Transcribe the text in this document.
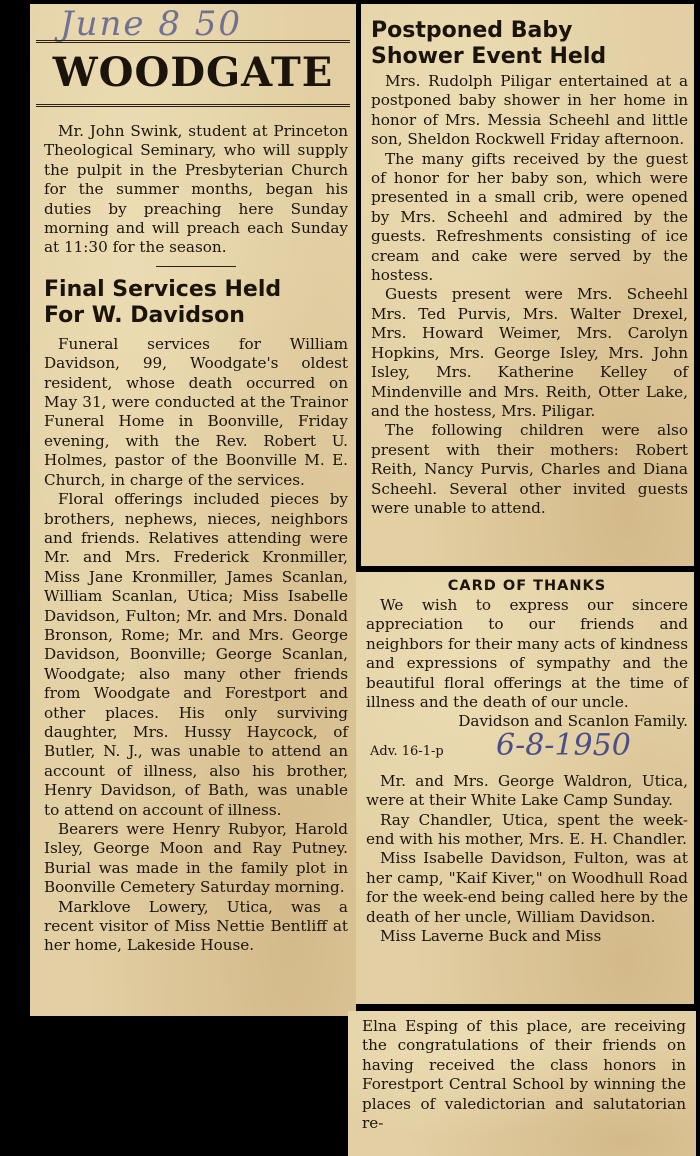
June 8 50
WOODGATE

Mr. John Swink, student at Princeton Theological Seminary, who will supply the pulpit in the Presbyterian Church for the summer months, began his duties by preaching here Sunday morning and will preach each Sunday at 11:30 for the season.

Final Services Held

For W. Davidson

Funeral services for William Davidson, 99, Woodgate's oldest resident, whose death occurred on May 31, were conducted at the Trainor Funeral Home in Boonville, Friday evening, with the Rev. Robert U. Holmes, pastor of the Boonville M. E. Church, in charge of the services.

Floral offerings included pieces by brothers, nephews, nieces, neighbors and friends. Relatives attending were Mr. and Mrs. Frederick Kronmiller, Miss Jane Kronmiller, James Scanlan, William Scanlan, Utica; Miss Isabelle Davidson, Fulton; Mr. and Mrs. Donald Bronson, Rome; Mr. and Mrs. George Davidson, Boonville; George Scanlan, Woodgate; also many other friends from Woodgate and Forestport and other places. His only surviving daughter, Mrs. Hussy Haycock, of Butler, N. J., was unable to attend an account of illness, also his brother, Henry Davidson, of Bath, was unable to attend on account of illness.

Bearers were Henry Rubyor, Harold Isley, George Moon and Ray Putney. Burial was made in the family plot in Boonville Cemetery Saturday morning.

Marklove Lowery, Utica, was a recent visitor of Miss Nettie Bentliff at her home, Lakeside House.

Postponed Baby

Shower Event Held

Mrs. Rudolph Piligar entertained at a postponed baby shower in her home in honor of Mrs. Messia Scheehl and little son, Sheldon Rockwell Friday afternoon.

The many gifts received by the guest of honor for her baby son, which were presented in a small crib, were opened by Mrs. Scheehl and admired by the guests. Refreshments consisting of ice cream and cake were served by the hostess.

Guests present were Mrs. Scheehl Mrs. Ted Purvis, Mrs. Walter Drexel, Mrs. Howard Weimer, Mrs. Carolyn Hopkins, Mrs. George Isley, Mrs. John Isley, Mrs. Katherine Kelley of Mindenville and Mrs. Reith, Otter Lake, and the hostess, Mrs. Piligar.

The following children were also present with their mothers: Robert Reith, Nancy Purvis, Charles and Diana Scheehl. Several other invited guests were unable to attend.

CARD OF THANKS

We wish to express our sincere appreciation to our friends and neighbors for their many acts of kindness and expressions of sympathy and the beautiful floral offerings at the time of illness and the death of our uncle.

Davidson and Scanlon Family.

Adv. 16-1-p 6-8-1950

Mr. and Mrs. George Waldron, Utica, were at their White Lake Camp Sunday.

Ray Chandler, Utica, spent the week-end with his mother, Mrs. E. H. Chandler.

Miss Isabelle Davidson, Fulton, was at her camp, "Kaif Kiver," on Woodhull Road for the week-end being called here by the death of her uncle, William Davidson.

Miss Laverne Buck and Miss

Elna Esping of this place, are receiving the congratulations of their friends on having received the class honors in Forestport Central School by winning the places of valedictorian and salutatorian re-
